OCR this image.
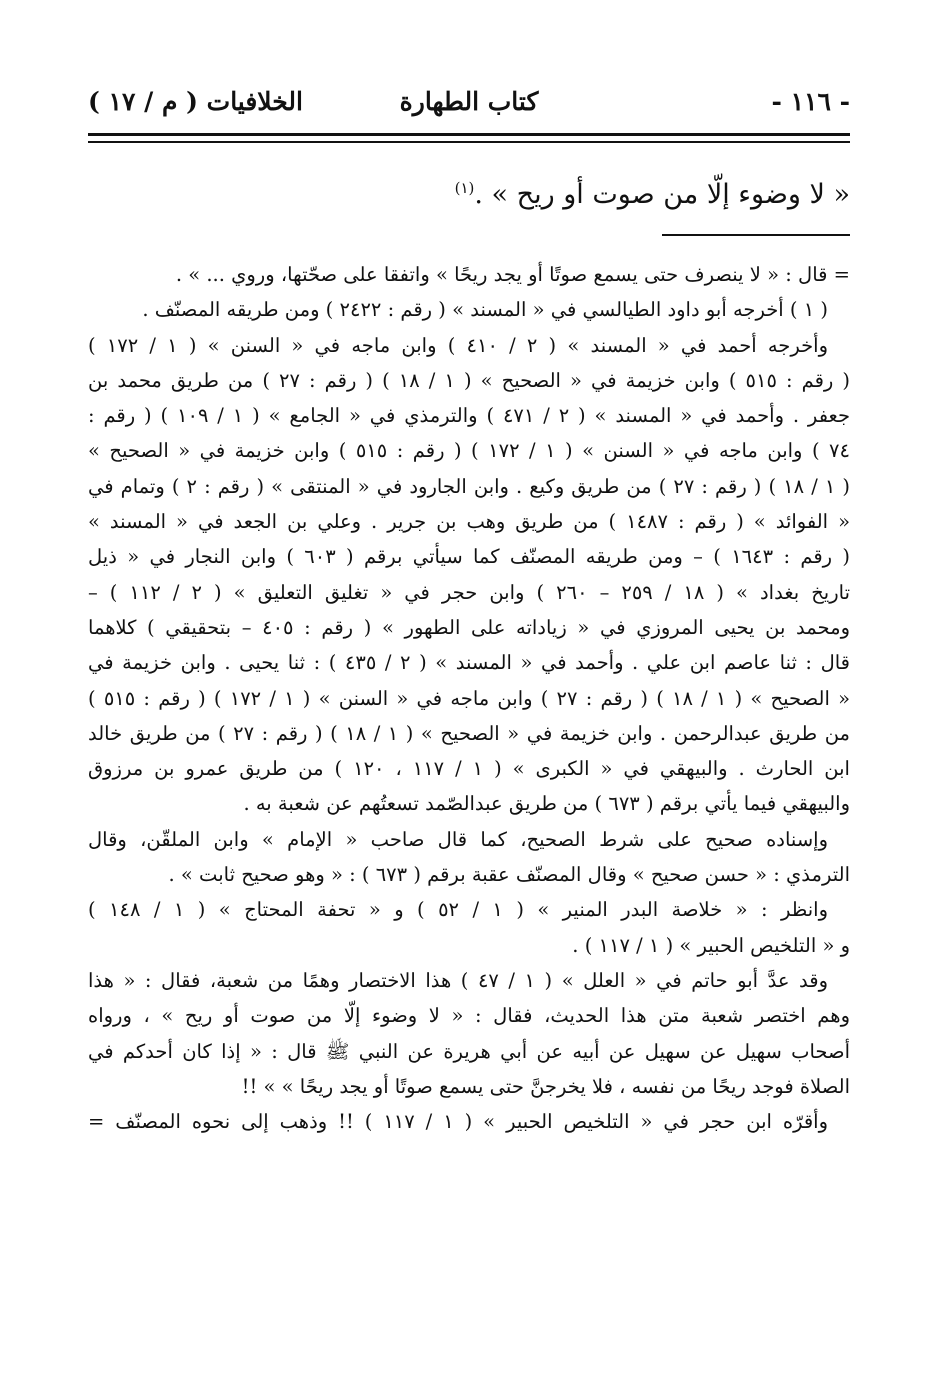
- ١١٦ -
كتاب الطهارة
الخلافيات ( م / ١٧ )
« لا وضوء إلّا من صوت أو ريح » .$^{(١)}$
= قال : « لا ينصرف حتى يسمع صوتًا أو يجد ريحًا » واتفقا على صحّتها، وروي ... » .
( ١ ) أخرجه أبو داود الطيالسي في « المسند » ( رقم : ٢٤٢٢ ) ومن طريقه المصنّف .
وأخرجه أحمد في « المسند » ( ٢ / ٤١٠ ) وابن ماجه في « السنن » ( ١ / ١٧٢ )
( رقم : ٥١٥ ) وابن خزيمة في « الصحيح » ( ١ / ١٨ ) ( رقم : ٢٧ ) من طريق محمد بن
جعفر . وأحمد في « المسند » ( ٢ / ٤٧١ ) والترمذي في « الجامع » ( ١ / ١٠٩ ) ( رقم :
٧٤ ) وابن ماجه في « السنن » ( ١ / ١٧٢ ) ( رقم : ٥١٥ ) وابن خزيمة في « الصحيح »
( ١ / ١٨ ) ( رقم : ٢٧ ) من طريق وكيع . وابن الجارود في « المنتقى » ( رقم : ٢ ) وتمام في
« الفوائد » ( رقم : ١٤٨٧ ) من طريق وهب بن جرير . وعلي بن الجعد في « المسند »
( رقم : ١٦٤٣ ) – ومن طريقه المصنّف كما سيأتي برقم ( ٦٠٣ ) وابن النجار في « ذيل
تاريخ بغداد » ( ١٨ / ٢٥٩ – ٢٦٠ ) وابن حجر في « تغليق التعليق » ( ٢ / ١١٢ ) –
ومحمد بن يحيى المروزي في « زياداته على الطهور » ( رقم : ٤٠٥ – بتحقيقي ) كلاهما
قال : ثنا عاصم ابن علي . وأحمد في « المسند » ( ٢ / ٤٣٥ ) : ثنا يحيى . وابن خزيمة في
« الصحيح » ( ١ / ١٨ ) ( رقم : ٢٧ ) وابن ماجه في « السنن » ( ١ / ١٧٢ ) ( رقم : ٥١٥ )
من طريق عبدالرحمن . وابن خزيمة في « الصحيح » ( ١ / ١٨ ) ( رقم : ٢٧ ) من طريق خالد
ابن الحارث . والبيهقي في « الكبرى » ( ١ / ١١٧ ، ١٢٠ ) من طريق عمرو بن مرزوق
والبيهقي فيما يأتي برقم ( ٦٧٣ ) من طريق عبدالصّمد تسعتُهم عن شعبة به .
وإسناده صحيح على شرط الصحيح، كما قال صاحب « الإمام » وابن الملقّن، وقال
الترمذي : « حسن صحيح » وقال المصنّف عقبة برقم ( ٦٧٣ ) : « وهو صحيح ثابت » .
وانظر : « خلاصة البدر المنير » ( ١ / ٥٢ ) و « تحفة المحتاج » ( ١ / ١٤٨ )
و « التلخيص الحبير » ( ١ / ١١٧ ) .
وقد عدَّ أبو حاتم في « العلل » ( ١ / ٤٧ ) هذا الاختصار وهمًا من شعبة، فقال : « هذا
وهم اختصر شعبة متن هذا الحديث، فقال : « لا وضوء إلّا من صوت أو ريح » ، ورواه
أصحاب سهيل عن سهيل عن أبيه عن أبي هريرة عن النبي ﷺ قال : « إذا كان أحدكم في
الصلاة فوجد ريحًا من نفسه ، فلا يخرجنَّ حتى يسمع صوتًا أو يجد ريحًا » » !!
وأقرّه ابن حجر في « التلخيص الحبير » ( ١ / ١١٧ ) !! وذهب إلى نحوه المصنّف =
